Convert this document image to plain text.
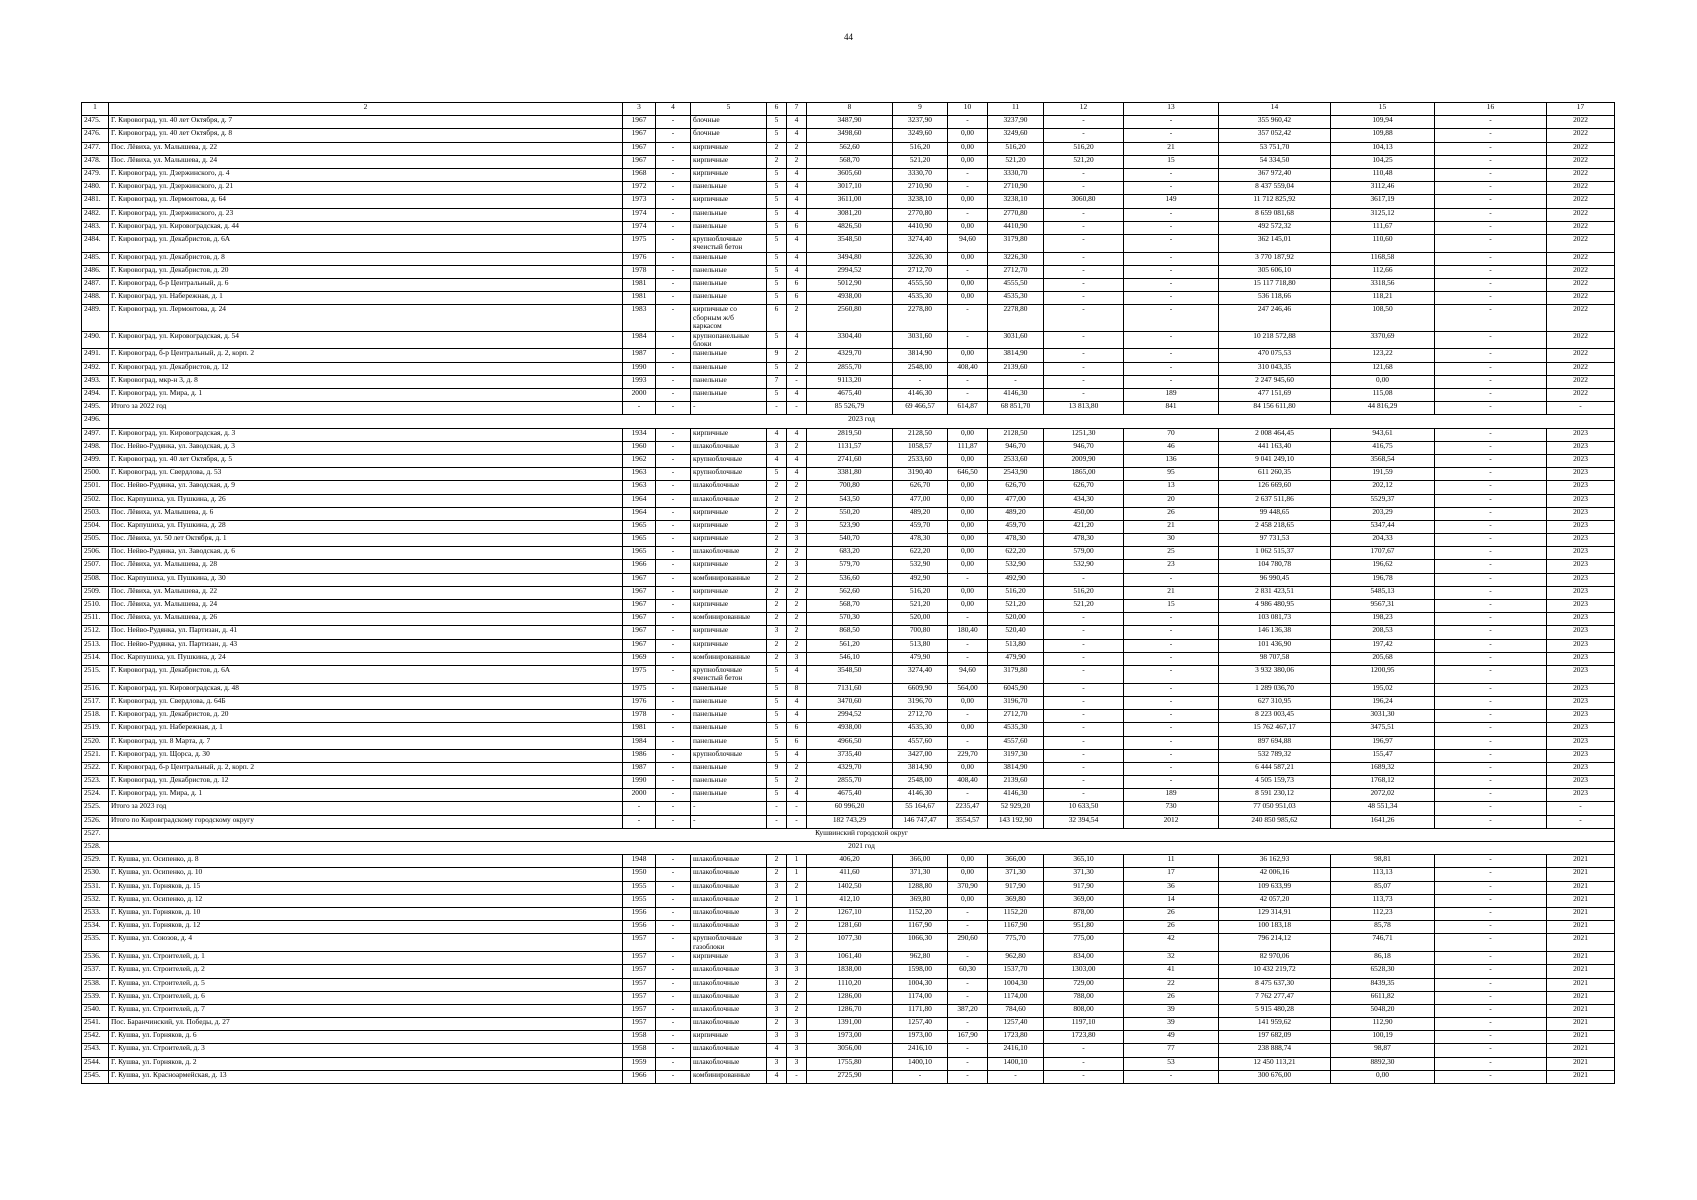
44
1	2	3	4	5	6	7	8	9	10	11	12	13	14	15	16	17
2475.	Г. Кировоград, ул. 40 лет Октября, д. 7	1967	-	блочные	5	4	3487,90	3237,90	-	3237,90	-	-	355 960,42	109,94	-	2022
2476.	Г. Кировоград, ул. 40 лет Октября, д. 8	1967	-	блочные	5	4	3498,60	3249,60	0,00	3249,60	-	-	357 052,42	109,88	-	2022
2477.	Пос. Лёвиха, ул. Малышева, д. 22	1967	-	кирпичные	2	2	562,60	516,20	0,00	516,20	516,20	21	53 751,70	104,13	-	2022
2478.	Пос. Лёвиха, ул. Малышева, д. 24	1967	-	кирпичные	2	2	568,70	521,20	0,00	521,20	521,20	15	54 334,50	104,25	-	2022
2479.	Г. Кировоград, ул. Дзержинского, д. 4	1968	-	кирпичные	5	4	3605,60	3330,70	-	3330,70	-	-	367 972,40	110,48	-	2022
2480.	Г. Кировоград, ул. Дзержинского, д. 21	1972	-	панельные	5	4	3017,10	2710,90	-	2710,90	-	-	8 437 559,04	3112,46	-	2022
2481.	Г. Кировоград, ул. Лермонтова, д. 64	1973	-	кирпичные	5	4	3611,00	3238,10	0,00	3238,10	3060,80	149	11 712 825,92	3617,19	-	2022
2482.	Г. Кировоград, ул. Дзержинского, д. 23	1974	-	панельные	5	4	3081,20	2770,80	-	2770,80	-	-	8 659 081,68	3125,12	-	2022
2483.	Г. Кировоград, ул. Кировоградская, д. 44	1974	-	панельные	5	6	4826,50	4410,90	0,00	4410,90	-	-	492 572,32	111,67	-	2022
2484.	Г. Кировоград, ул. Декабристов, д. 6А	1975	-	крупноблочные ячеистый бетон	5	4	3548,50	3274,40	94,60	3179,80	-	-	362 145,01	110,60	-	2022
2485.	Г. Кировоград, ул. Декабристов, д. 8	1976	-	панельные	5	4	3494,80	3226,30	0,00	3226,30	-	-	3 770 187,92	1168,58	-	2022
2486.	Г. Кировоград, ул. Декабристов, д. 20	1978	-	панельные	5	4	2994,52	2712,70	-	2712,70	-	-	305 606,10	112,66	-	2022
2487.	Г. Кировоград, б-р Центральный, д. 6	1981	-	панельные	5	6	5012,90	4555,50	0,00	4555,50	-	-	15 117 718,80	3318,56	-	2022
2488.	Г. Кировоград, ул. Набережная, д. 1	1981	-	панельные	5	6	4938,00	4535,30	0,00	4535,30	-	-	536 118,66	118,21	-	2022
2489.	Г. Кировоград, ул. Лермонтова, д. 24	1983	-	кирпичные со сборным ж/б каркасом	6	2	2560,80	2278,80	-	2278,80	-	-	247 246,46	108,50	-	2022
2490.	Г. Кировоград, ул. Кировоградская, д. 54	1984	-	крупнопанельные блоки	5	4	3304,40	3031,60	-	3031,60	-	-	10 218 572,88	3370,69	-	2022
2491.	Г. Кировоград, б-р Центральный, д. 2, корп. 2	1987	-	панельные	9	2	4329,70	3814,90	0,00	3814,90	-	-	470 075,53	123,22	-	2022
2492.	Г. Кировоград, ул. Декабристов, д. 12	1990	-	панельные	5	2	2855,70	2548,00	408,40	2139,60	-	-	310 043,35	121,68	-	2022
2493.	Г. Кировоград, мкр-н 3, д. 8	1993	-	панельные	7	-	9113,20	-	-	-	-	-	2 247 945,60	0,00	-	2022
2494.	Г. Кировоград, ул. Мира, д. 1	2000	-	панельные	5	4	4675,40	4146,30	-	4146,30	-	189	477 151,69	115,08	-	2022
2495.	Итого за 2022 год	-	-	-	-	-	85 526,79	69 466,57	614,87	68 851,70	13 813,80	841	84 156 611,80	44 816,29	-	-
2496.	2023 год															
2497.	Г. Кировоград, ул. Кировоградская, д. 3	1934	-	кирпичные	4	4	2819,50	2128,50	0,00	2128,50	1251,30	70	2 008 464,45	943,61	-	2023
2498.	Пос. Нейво-Рудянка, ул. Заводская, д. 3	1960	-	шлакоблочные	3	2	1131,57	1058,57	111,87	946,70	946,70	46	441 163,40	416,75	-	2023
2499.	Г. Кировоград, ул. 40 лет Октября, д. 5	1962	-	крупноблочные	4	4	2741,60	2533,60	0,00	2533,60	2009,90	136	9 041 249,10	3568,54	-	2023
2500.	Г. Кировоград, ул. Свердлова, д. 53	1963	-	крупноблочные	5	4	3381,80	3190,40	646,50	2543,90	1865,00	95	611 260,35	191,59	-	2023
2501.	Пос. Нейво-Рудянка, ул. Заводская, д. 9	1963	-	шлакоблочные	2	2	700,80	626,70	0,00	626,70	626,70	13	126 669,60	202,12	-	2023
2502.	Пос. Карпушиха, ул. Пушкина, д. 26	1964	-	шлакоблочные	2	2	543,50	477,00	0,00	477,00	434,30	20	2 637 511,86	5529,37	-	2023
2503.	Пос. Лёвиха, ул. Малышева, д. 6	1964	-	кирпичные	2	2	550,20	489,20	0,00	489,20	450,00	26	99 448,65	203,29	-	2023
2504.	Пос. Карпушиха, ул. Пушкина, д. 28	1965	-	кирпичные	2	3	523,90	459,70	0,00	459,70	421,20	21	2 458 218,65	5347,44	-	2023
2505.	Пос. Лёвиха, ул. 50 лет Октября, д. 1	1965	-	кирпичные	2	3	540,70	478,30	0,00	478,30	478,30	30	97 731,53	204,33	-	2023
2506.	Пос. Нейво-Рудянка, ул. Заводская, д. 6	1965	-	шлакоблочные	2	2	683,20	622,20	0,00	622,20	579,00	25	1 062 515,37	1707,67	-	2023
2507.	Пос. Лёвиха, ул. Малышева, д. 28	1966	-	кирпичные	2	3	579,70	532,90	0,00	532,90	532,90	23	104 780,78	196,62	-	2023
2508.	Пос. Карпушиха, ул. Пушкина, д. 30	1967	-	комбинированные	2	2	536,60	492,90	-	492,90	-	-	96 990,45	196,78	-	2023
2509.	Пос. Лёвиха, ул. Малышева, д. 22	1967	-	кирпичные	2	2	562,60	516,20	0,00	516,20	516,20	21	2 831 423,51	5485,13	-	2023
2510.	Пос. Лёвиха, ул. Малышева, д. 24	1967	-	кирпичные	2	2	568,70	521,20	0,00	521,20	521,20	15	4 986 480,95	9567,31	-	2023
2511.	Пос. Лёвиха, ул. Малышева, д. 26	1967	-	комбинированные	2	2	570,30	520,00	-	520,00	-	-	103 081,73	198,23	-	2023
2512.	Пос. Нейво-Рудянка, ул. Партизан, д. 41	1967	-	кирпичные	3	2	868,50	700,80	180,40	520,40	-	-	146 136,38	208,53	-	2023
2513.	Пос. Нейво-Рудянка, ул. Партизан, д. 43	1967	-	кирпичные	2	2	561,20	513,80	-	513,80	-	-	101 436,90	197,42	-	2023
2514.	Пос. Карпушиха, ул. Пушкина, д. 24	1969	-	комбинированные	2	3	546,10	479,90	-	479,90	-	-	98 707,58	205,68	-	2023
2515.	Г. Кировоград, ул. Декабристов, д. 6А	1975	-	крупноблочные ячеистый бетон	5	4	3548,50	3274,40	94,60	3179,80	-	-	3 932 380,06	1200,95	-	2023
2516.	Г. Кировоград, ул. Кировоградская, д. 48	1975	-	панельные	5	8	7131,60	6609,90	564,00	6045,90	-	-	1 289 036,70	195,02	-	2023
2517.	Г. Кировоград, ул. Свердлова, д. 64Б	1976	-	панельные	5	4	3470,60	3196,70	0,00	3196,70	-	-	627 310,95	196,24	-	2023
2518.	Г. Кировоград, ул. Декабристов, д. 20	1978	-	панельные	5	4	2994,52	2712,70	-	2712,70	-	-	8 223 003,45	3031,30	-	2023
2519.	Г. Кировоград, ул. Набережная, д. 1	1981	-	панельные	5	6	4938,00	4535,30	0,00	4535,30	-	-	15 762 467,17	3475,51	-	2023
2520.	Г. Кировоград, ул. 8 Марта, д. 7	1984	-	панельные	5	6	4966,50	4557,60	-	4557,60	-	-	897 694,88	196,97	-	2023
2521.	Г. Кировоград, ул. Щорса, д. 30	1986	-	крупноблочные	5	4	3735,40	3427,00	229,70	3197,30	-	-	532 789,32	155,47	-	2023
2522.	Г. Кировоград, б-р Центральный, д. 2, корп. 2	1987	-	панельные	9	2	4329,70	3814,90	0,00	3814,90	-	-	6 444 587,21	1689,32	-	2023
2523.	Г. Кировоград, ул. Декабристов, д. 12	1990	-	панельные	5	2	2855,70	2548,00	408,40	2139,60	-	-	4 505 159,73	1768,12	-	2023
2524.	Г. Кировоград, ул. Мира, д. 1	2000	-	панельные	5	4	4675,40	4146,30	-	4146,30	-	189	8 591 230,12	2072,02	-	2023
2525.	Итого за 2023 год	-	-	-	-	-	60 996,20	55 164,67	2235,47	52 929,20	10 633,50	730	77 050 951,03	48 551,34	-	-
2526.	Итого по Кировградскому городскому округу	-	-	-	-	-	182 743,29	146 747,47	3554,57	143 192,90	32 394,54	2012	240 850 985,62	1641,26	-	-
2527.	Кушвинский городской округ															
2528.	2021 год															
2529.	Г. Кушва, ул. Осипенко, д. 8	1948	-	шлакоблочные	2	1	406,20	366,00	0,00	366,00	365,10	11	36 162,93	98,81	-	2021
2530.	Г. Кушва, ул. Осипенко, д. 10	1950	-	шлакоблочные	2	1	411,60	371,30	0,00	371,30	371,30	17	42 006,16	113,13	-	2021
2531.	Г. Кушва, ул. Горняков, д. 15	1955	-	шлакоблочные	3	2	1402,50	1288,80	370,90	917,90	917,90	36	109 633,99	85,07	-	2021
2532.	Г. Кушва, ул. Осипенко, д. 12	1955	-	шлакоблочные	2	1	412,10	369,80	0,00	369,80	369,00	14	42 057,20	113,73	-	2021
2533.	Г. Кушва, ул. Горняков, д. 10	1956	-	шлакоблочные	3	2	1267,10	1152,20	-	1152,20	878,00	26	129 314,91	112,23	-	2021
2534.	Г. Кушва, ул. Горняков, д. 12	1956	-	шлакоблочные	3	2	1281,60	1167,90	-	1167,90	951,80	26	100 183,18	85,78	-	2021
2535.	Г. Кушва, ул. Союзов, д. 4	1957	-	крупноблочные газоблоки	3	2	1077,30	1066,30	290,60	775,70	775,00	42	796 214,12	746,71	-	2021
2536.	Г. Кушва, ул. Строителей, д. 1	1957	-	кирпичные	3	3	1061,40	962,80	-	962,80	834,00	32	82 970,06	86,18	-	2021
2537.	Г. Кушва, ул. Строителей, д. 2	1957	-	шлакоблочные	3	3	1838,00	1598,00	60,30	1537,70	1303,00	41	10 432 219,72	6528,30	-	2021
2538.	Г. Кушва, ул. Строителей, д. 5	1957	-	шлакоблочные	3	2	1110,20	1004,30	-	1004,30	729,00	22	8 475 637,30	8439,35	-	2021
2539.	Г. Кушва, ул. Строителей, д. 6	1957	-	шлакоблочные	3	2	1286,00	1174,00	-	1174,00	788,00	26	7 762 277,47	6611,82	-	2021
2540.	Г. Кушва, ул. Строителей, д. 7	1957	-	шлакоблочные	3	2	1286,70	1171,80	387,20	784,60	808,00	39	5 915 480,28	5048,20	-	2021
2541.	Пос. Баранчинский, ул. Победы, д. 27	1957	-	шлакоблочные	2	3	1391,00	1257,40	-	1257,40	1197,10	39	141 959,62	112,90	-	2021
2542.	Г. Кушва, ул. Горняков, д. 6	1958	-	кирпичные	3	3	1973,00	1973,00	167,90	1723,80	1723,80	49	197 682,09	100,19	-	2021
2543.	Г. Кушва, ул. Строителей, д. 3	1958	-	шлакоблочные	4	3	3056,00	2416,10	-	2416,10	-	77	238 888,74	98,87	-	2021
2544.	Г. Кушва, ул. Горняков, д. 2	1959	-	шлакоблочные	3	3	1755,80	1400,10	-	1400,10	-	53	12 450 113,21	8892,30	-	2021
2545.	Г. Кушва, ул. Красноармейская, д. 13	1966	-	комбинированные	4	-	2725,90	-	-	-	-	-	300 676,00	0,00	-	2021
